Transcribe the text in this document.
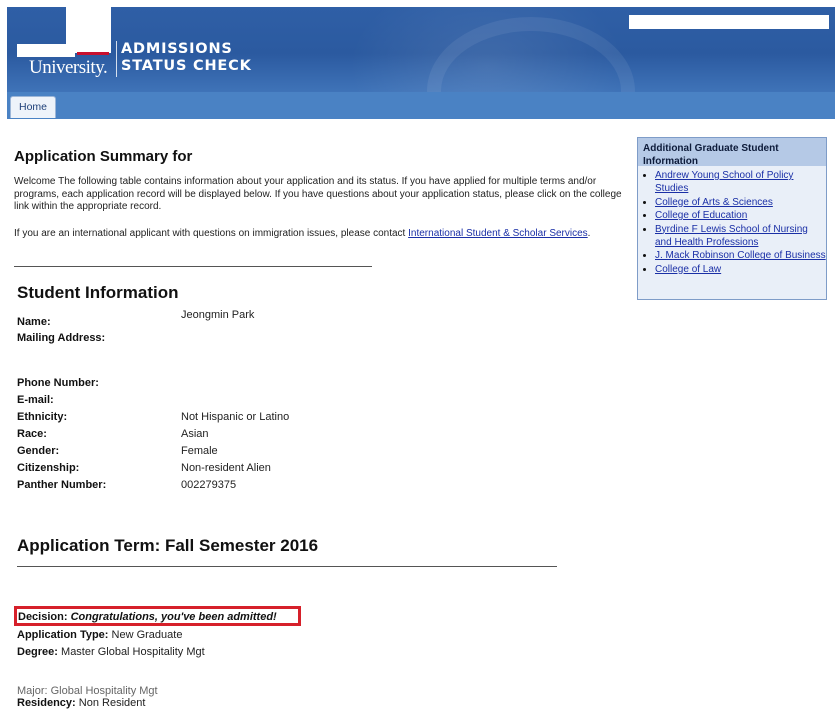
University.
ADMISSIONS
STATUS CHECK
Home
Application Summary for
Welcome The following table contains information about your application and its status. If you have applied for multiple terms and/or programs, each application record will be displayed below. If you have questions about your application status, please click on the college link within the appropriate record.
If you are an international applicant with questions on immigration issues, please contact International Student & Scholar Services.
Student Information
Name:
Jeongmin Park
Mailing Address:
Phone Number:
E-mail:
Ethnicity:	Not Hispanic or Latino
Race:	Asian
Gender:	Female
Citizenship:	Non-resident Alien
Panther Number:	002279375
Application Term: Fall Semester 2016
Decision: Congratulations, you've been admitted!
Application Type: New Graduate
Degree: Master Global Hospitality Mgt
$^{Major: Global Hospitality Mgt}$
Residency: Non Resident
Additional Graduate Student Information
• Andrew Young School of Policy Studies
• College of Arts & Sciences
• College of Education
• Byrdine F Lewis School of Nursing and Health Professions
• J. Mack Robinson College of Business
• College of Law
